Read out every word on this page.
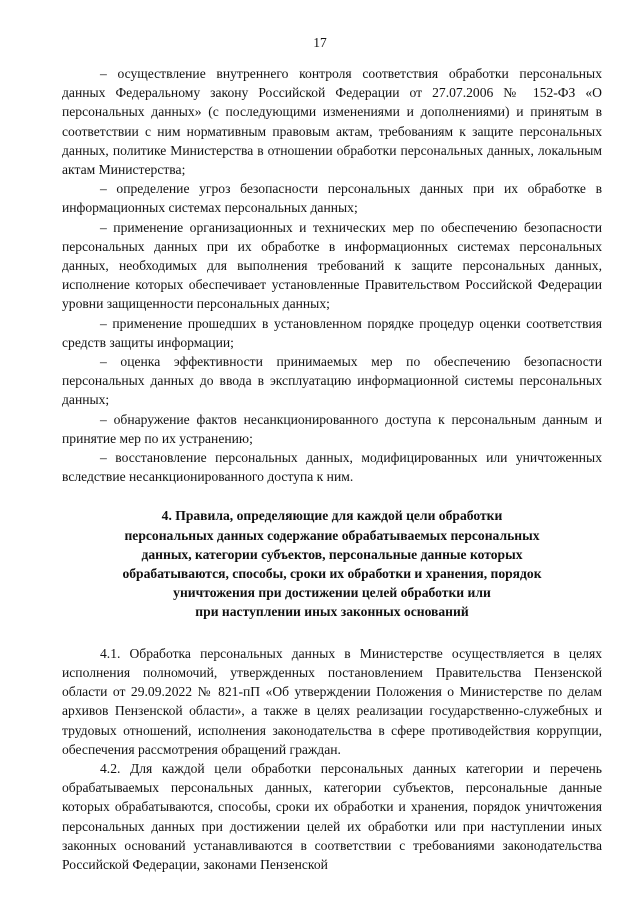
17

– осуществление внутреннего контроля соответствия обработки персональных данных Федеральному закону Российской Федерации от 27.07.2006 № 152-ФЗ «О персональных данных» (с последующими изменениями и дополнениями) и принятым в соответствии с ним нормативным правовым актам, требованиям к защите персональных данных, политике Министерства в отношении обработки персональных данных, локальным актам Министерства;

– определение угроз безопасности персональных данных при их обработке в информационных системах персональных данных;

– применение организационных и технических мер по обеспечению безопасности персональных данных при их обработке в информационных системах персональных данных, необходимых для выполнения требований к защите персональных данных, исполнение которых обеспечивает установленные Правительством Российской Федерации уровни защищенности персональных данных;

– применение прошедших в установленном порядке процедур оценки соответствия средств защиты информации;

– оценка эффективности принимаемых мер по обеспечению безопасности персональных данных до ввода в эксплуатацию информационной системы персональных данных;

– обнаружение фактов несанкционированного доступа к персональным данным и принятие мер по их устранению;

– восстановление персональных данных, модифицированных или уничтоженных вследствие несанкционированного доступа к ним.

4. Правила, определяющие для каждой цели обработки
персональных данных содержание обрабатываемых персональных
данных, категории субъектов, персональные данные которых
обрабатываются, способы, сроки их обработки и хранения, порядок
уничтожения при достижении целей обработки или
при наступлении иных законных оснований

4.1. Обработка персональных данных в Министерстве осуществляется в целях исполнения полномочий, утвержденных постановлением Правительства Пензенской области от 29.09.2022 № 821-пП «Об утверждении Положения о Министерстве по делам архивов Пензенской области», а также в целях реализации государственно-служебных и трудовых отношений, исполнения законодательства в сфере противодействия коррупции, обеспечения рассмотрения обращений граждан.

4.2. Для каждой цели обработки персональных данных категории и перечень обрабатываемых персональных данных, категории субъектов, персональные данные которых обрабатываются, способы, сроки их обработки и хранения, порядок уничтожения персональных данных при достижении целей их обработки или при наступлении иных законных оснований устанавливаются в соответствии с требованиями законодательства Российской Федерации, законами Пензенской
